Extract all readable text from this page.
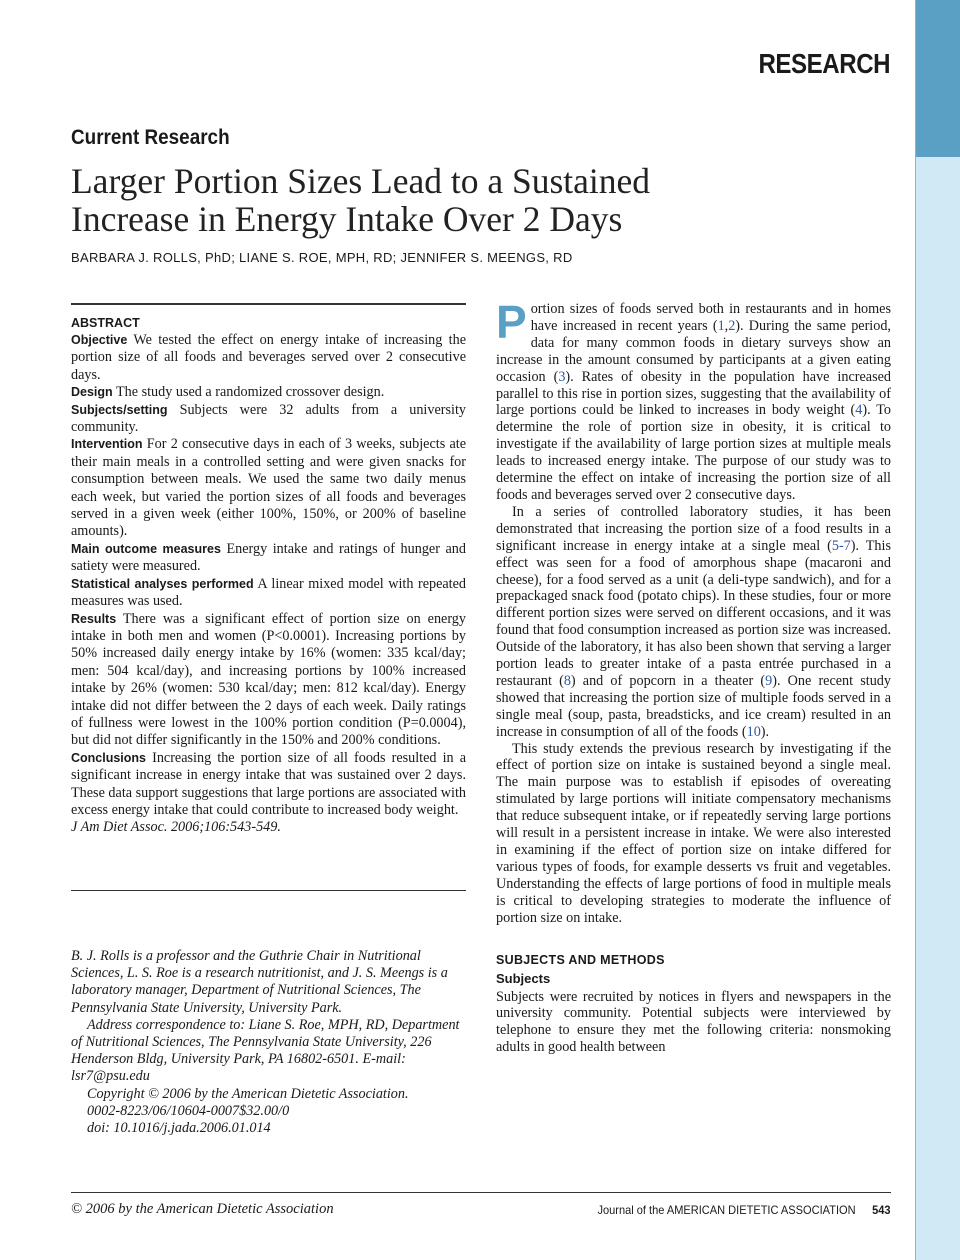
RESEARCH
Current Research
Larger Portion Sizes Lead to a Sustained
Increase in Energy Intake Over 2 Days
BARBARA J. ROLLS, PhD; LIANE S. ROE, MPH, RD; JENNIFER S. MEENGS, RD
ABSTRACT
Objective We tested the effect on energy intake of increasing the portion size of all foods and beverages served over 2 consecutive days.
Design The study used a randomized crossover design.
Subjects/setting Subjects were 32 adults from a university community.
Intervention For 2 consecutive days in each of 3 weeks, subjects ate their main meals in a controlled setting and were given snacks for consumption between meals. We used the same two daily menus each week, but varied the portion sizes of all foods and beverages served in a given week (either 100%, 150%, or 200% of baseline amounts).
Main outcome measures Energy intake and ratings of hunger and satiety were measured.
Statistical analyses performed A linear mixed model with repeated measures was used.
Results There was a significant effect of portion size on energy intake in both men and women (P<0.0001). Increasing portions by 50% increased daily energy intake by 16% (women: 335 kcal/day; men: 504 kcal/day), and increasing portions by 100% increased intake by 26% (women: 530 kcal/day; men: 812 kcal/day). Energy intake did not differ between the 2 days of each week. Daily ratings of fullness were lowest in the 100% portion condition (P=0.0004), but did not differ significantly in the 150% and 200% conditions.
Conclusions Increasing the portion size of all foods resulted in a significant increase in energy intake that was sustained over 2 days. These data support suggestions that large portions are associated with excess energy intake that could contribute to increased body weight.
J Am Diet Assoc. 2006;106:543-549.

B. J. Rolls is a professor and the Guthrie Chair in Nutritional Sciences, L. S. Roe is a research nutritionist, and J. S. Meengs is a laboratory manager, Department of Nutritional Sciences, The Pennsylvania State University, University Park.

Address correspondence to: Liane S. Roe, MPH, RD, Department of Nutritional Sciences, The Pennsylvania State University, 226 Henderson Bldg, University Park, PA 16802-6501. E-mail: lsr7@psu.edu

Copyright © 2006 by the American Dietetic Association.

0002-8223/06/10604-0007$32.00/0

doi: 10.1016/j.jada.2006.01.014

Portion sizes of foods served both in restaurants and in homes have increased in recent years (1,2). During the same period, data for many common foods in dietary surveys show an increase in the amount consumed by participants at a given eating occasion (3). Rates of obesity in the population have increased parallel to this rise in portion sizes, suggesting that the availability of large portions could be linked to increases in body weight (4). To determine the role of portion size in obesity, it is critical to investigate if the availability of large portion sizes at multiple meals leads to increased energy intake. The purpose of our study was to determine the effect on intake of increasing the portion size of all foods and beverages served over 2 consecutive days.

In a series of controlled laboratory studies, it has been demonstrated that increasing the portion size of a food results in a significant increase in energy intake at a single meal (5-7). This effect was seen for a food of amorphous shape (macaroni and cheese), for a food served as a unit (a deli-type sandwich), and for a prepackaged snack food (potato chips). In these studies, four or more different portion sizes were served on different occasions, and it was found that food consumption increased as portion size was increased. Outside of the laboratory, it has also been shown that serving a larger portion leads to greater intake of a pasta entrée purchased in a restaurant (8) and of popcorn in a theater (9). One recent study showed that increasing the portion size of multiple foods served in a single meal (soup, pasta, breadsticks, and ice cream) resulted in an increase in consumption of all of the foods (10).

This study extends the previous research by investigating if the effect of portion size on intake is sustained beyond a single meal. The main purpose was to establish if episodes of overeating stimulated by large portions will initiate compensatory mechanisms that reduce subsequent intake, or if repeatedly serving large portions will result in a persistent increase in intake. We were also interested in examining if the effect of portion size on intake differed for various types of foods, for example desserts vs fruit and vegetables. Understanding the effects of large portions of food in multiple meals is critical to developing strategies to moderate the influence of portion size on intake.

SUBJECTS AND METHODS
Subjects

Subjects were recruited by notices in flyers and newspapers in the university community. Potential subjects were interviewed by telephone to ensure they met the following criteria: nonsmoking adults in good health between

© 2006 by the American Dietetic Association	Journal of the AMERICAN DIETETIC ASSOCIATION 543
